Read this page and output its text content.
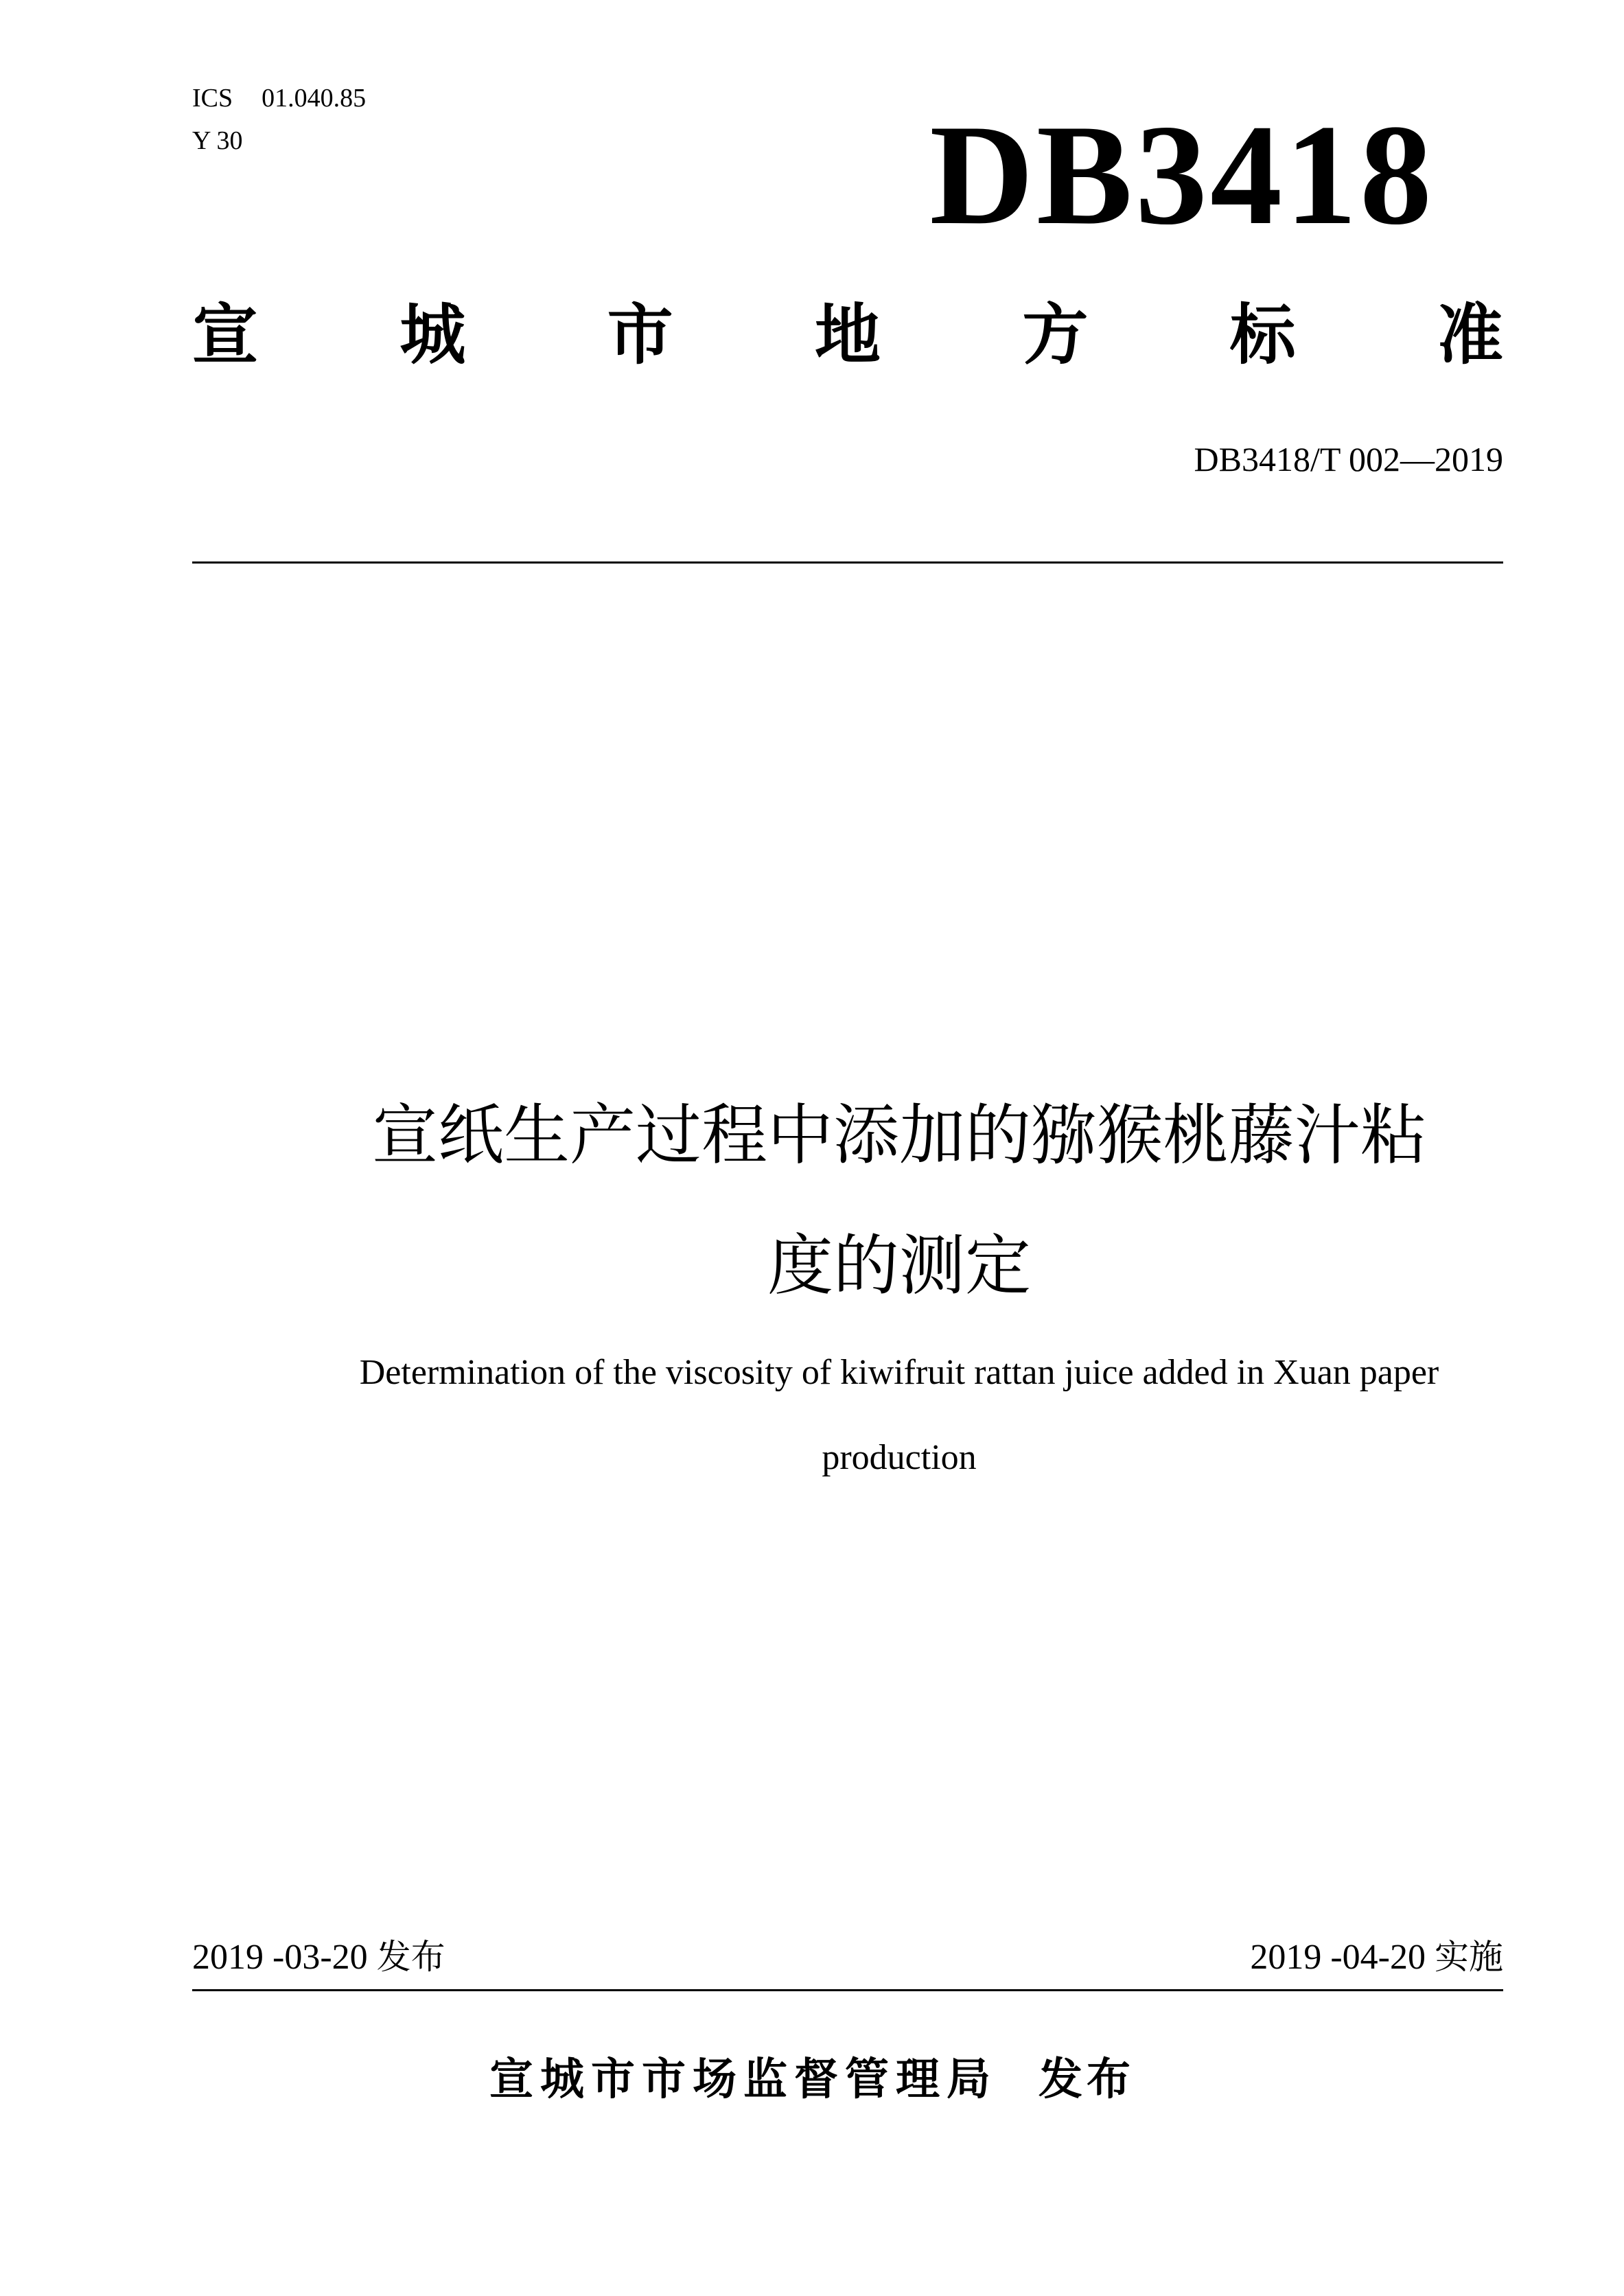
ICS 01.040.85
Y 30	DB3418
宣 城 市 地 方 标 准
DB3418/T 002—2019
宣纸生产过程中添加的猕猴桃藤汁粘
度的测定
Determination of the viscosity of kiwifruit rattan juice added in Xuan paper
production
2019 -03-20 发布	2019 -04-20 实施
宣城市市场监督管理局 发布
